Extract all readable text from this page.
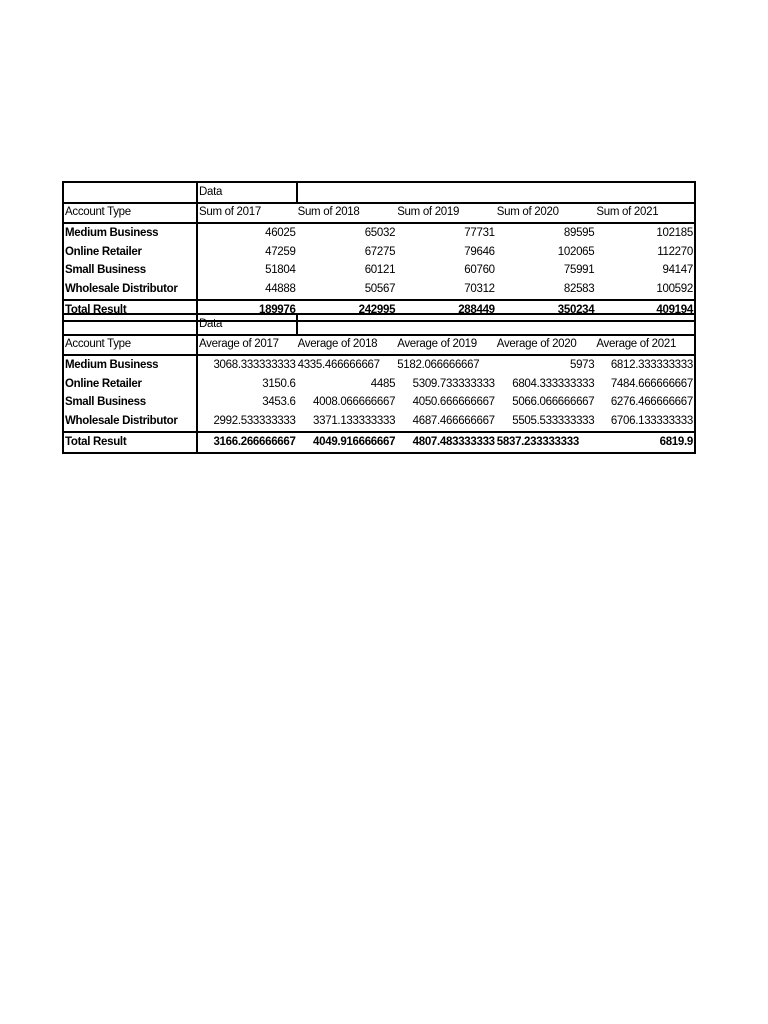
	Data				
Account Type	Sum of 2017	Sum of 2018	Sum of 2019	Sum of 2020	Sum of 2021
Medium Business	46025	65032	77731	89595	102185
Online Retailer	47259	67275	79646	102065	112270
Small Business	51804	60121	60760	75991	94147
Wholesale Distributor	44888	50567	70312	82583	100592
Total Result	189976	242995	288449	350234	409194
	Data				
Account Type	Average of 2017	Average of 2018	Average of 2019	Average of 2020	Average of 2021
Medium Business	3068.333333333	4335.466666667	5182.066666667	5973	6812.333333333
Online Retailer	3150.6	4485	5309.733333333	6804.333333333	7484.666666667
Small Business	3453.6	4008.066666667	4050.666666667	5066.066666667	6276.466666667
Wholesale Distributor	2992.533333333	3371.133333333	4687.466666667	5505.533333333	6706.133333333
Total Result	3166.266666667	4049.916666667	4807.483333333	5837.233333333	6819.9
